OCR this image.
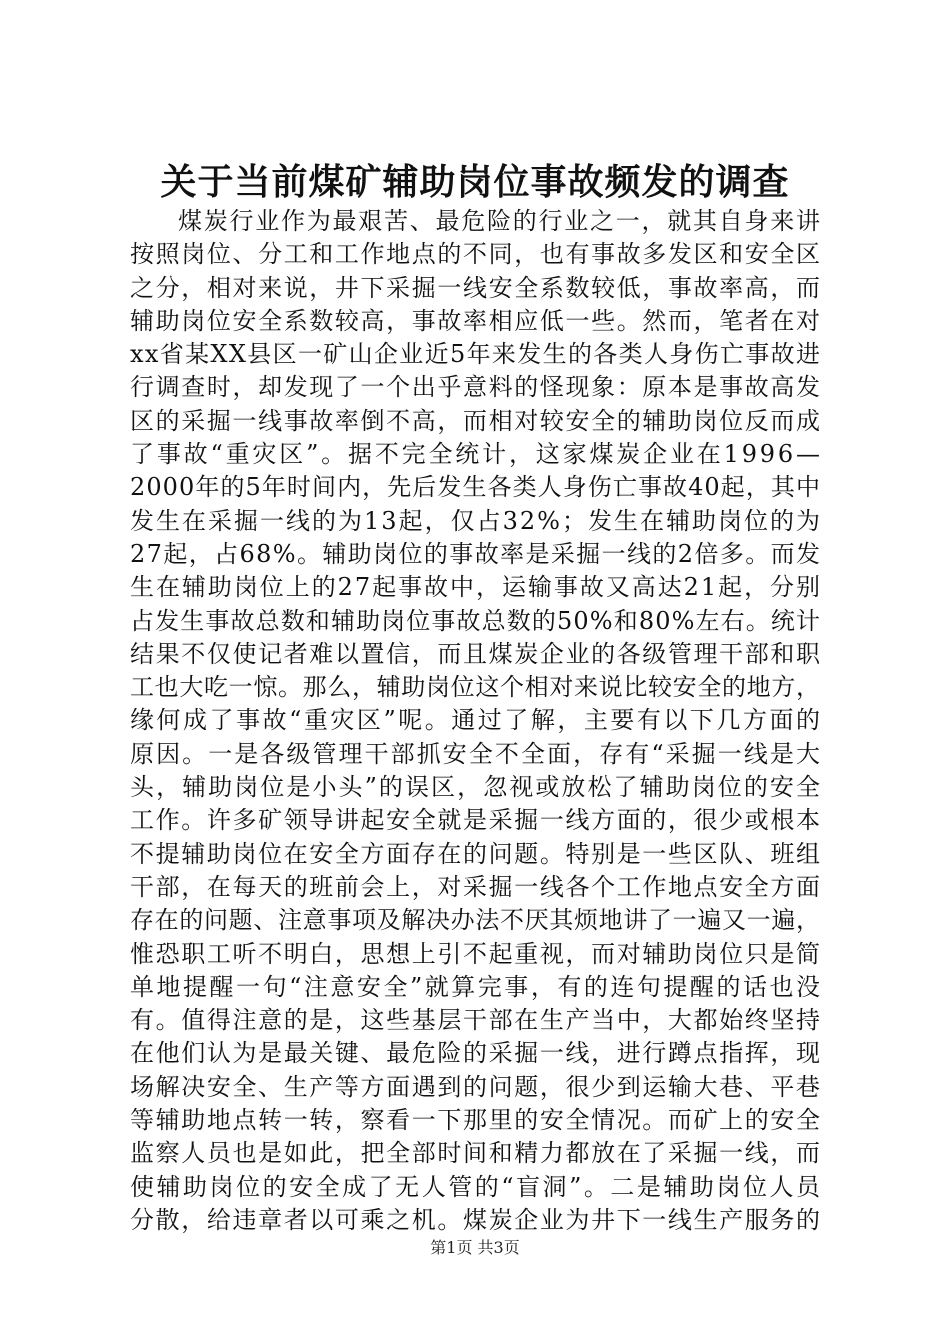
关于当前煤矿辅助岗位事故频发的调查
煤炭行业作为最艰苦、最危险的行业之一，就其自身来讲
按照岗位、分工和工作地点的不同，也有事故多发区和安全区
之分，相对来说，井下采掘一线安全系数较低，事故率高，而
辅助岗位安全系数较高，事故率相应低一些。然而，笔者在对
xx省某XX县区一矿山企业近5年来发生的各类人身伤亡事故进
行调查时，却发现了一个出乎意料的怪现象：原本是事故高发
区的采掘一线事故率倒不高，而相对较安全的辅助岗位反而成
了事故“重灾区”。据不完全统计，这家煤炭企业在1996—
2000年的5年时间内，先后发生各类人身伤亡事故40起，其中
发生在采掘一线的为13起，仅占32%；发生在辅助岗位的为
27起，占68%。辅助岗位的事故率是采掘一线的2倍多。而发
生在辅助岗位上的27起事故中，运输事故又高达21起，分别
占发生事故总数和辅助岗位事故总数的50%和80%左右。统计
结果不仅使记者难以置信，而且煤炭企业的各级管理干部和职
工也大吃一惊。那么，辅助岗位这个相对来说比较安全的地方，
缘何成了事故“重灾区”呢。通过了解，主要有以下几方面的
原因。一是各级管理干部抓安全不全面，存有“采掘一线是大
头，辅助岗位是小头”的误区，忽视或放松了辅助岗位的安全
工作。许多矿领导讲起安全就是采掘一线方面的，很少或根本
不提辅助岗位在安全方面存在的问题。特别是一些区队、班组
干部，在每天的班前会上，对采掘一线各个工作地点安全方面
存在的问题、注意事项及解决办法不厌其烦地讲了一遍又一遍，
惟恐职工听不明白，思想上引不起重视，而对辅助岗位只是简
单地提醒一句“注意安全”就算完事，有的连句提醒的话也没
有。值得注意的是，这些基层干部在生产当中，大都始终坚持
在他们认为是最关键、最危险的采掘一线，进行蹲点指挥，现
场解决安全、生产等方面遇到的问题，很少到运输大巷、平巷
等辅助地点转一转，察看一下那里的安全情况。而矿上的安全
监察人员也是如此，把全部时间和精力都放在了采掘一线，而
使辅助岗位的安全成了无人管的“盲洞”。二是辅助岗位人员
分散，给违章者以可乘之机。煤炭企业为井下一线生产服务的
第1页 共3页
